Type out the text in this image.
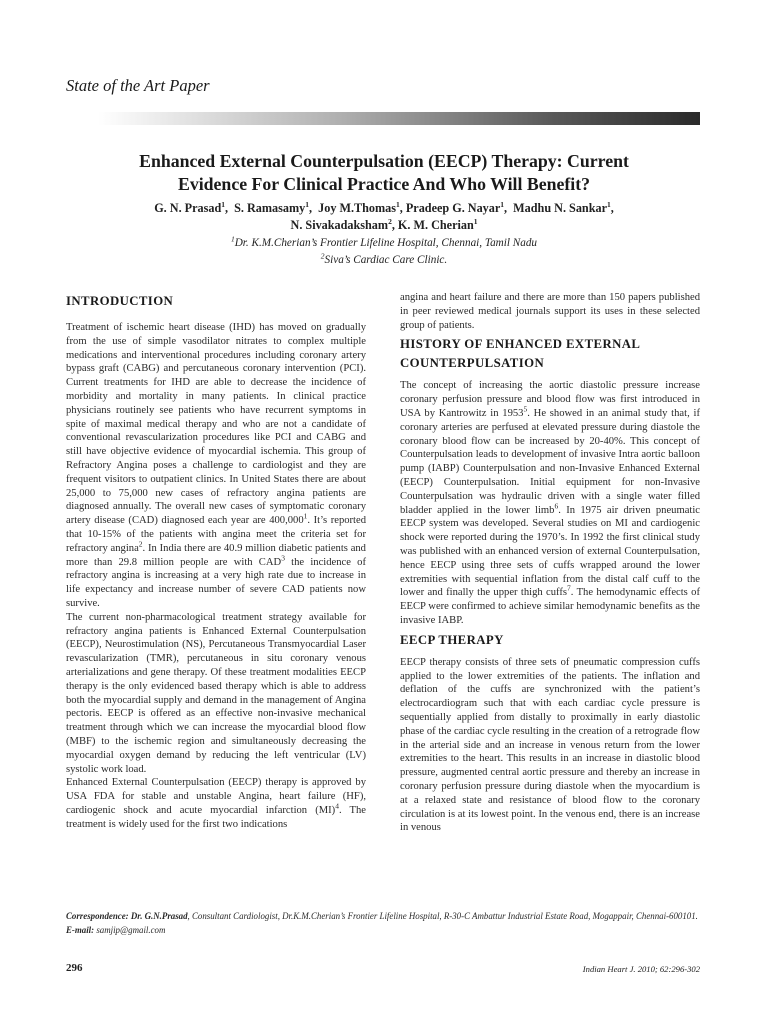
State of the Art Paper
Enhanced External Counterpulsation (EECP) Therapy: Current
Evidence For Clinical Practice And Who Will Benefit?
G. N. Prasad$^1$,  S. Ramasamy$^1$,  Joy M.Thomas$^1$, Pradeep G. Nayar$^1$,  Madhu N. Sankar$^1$,
N. Sivakadaksham$^2$, K. M. Cherian$^1$
$^1$Dr. K.M.Cherian’s Frontier Lifeline Hospital, Chennai, Tamil Nadu
$^2$Siva’s Cardiac Care Clinic.
INTRODUCTION

Treatment of ischemic heart disease (IHD) has moved on gradually from the use of simple vasodilator nitrates to complex multiple medications and interventional procedures including coronary artery bypass graft (CABG) and percutaneous coronary intervention (PCI). Current treatments for IHD are able to decrease the incidence of morbidity and mortality in many patients. In clinical practice physicians routinely see patients who have recurrent symptoms in spite of maximal medical therapy and who are not a candidate of conventional revascularization procedures like PCI and CABG and still have objective evidence of myocardial ischemia. This group of Refractory Angina poses a challenge to cardiologist and they are frequent visitors to outpatient clinics. In United States there are about 25,000 to 75,000 new cases of refractory angina patients are diagnosed annually. The overall new cases of symptomatic coronary artery disease (CAD) diagnosed each year are 400,000$^1$. It’s reported that 10-15% of the patients with angina meet the criteria set for refractory angina$^2$. In India there are 40.9 million diabetic patients and more than 29.8 million people are with CAD$^3$ the incidence of refractory angina is increasing at a very high rate due to increase in life expectancy and increase number of severe CAD patients now survive.

The current non-pharmacological treatment strategy available for refractory angina patients is Enhanced External Counterpulsation (EECP), Neurostimulation (NS), Percutaneous Transmyocardial Laser revascularization (TMR), percutaneous in situ coronary venous arterializations and gene therapy. Of these treatment modalities EECP therapy is the only evidenced based therapy which is able to address both the myocardial supply and demand in the management of Angina pectoris. EECP is offered as an effective non-invasive mechanical treatment through which we can increase the myocardial blood flow (MBF) to the ischemic region and simultaneously decreasing the myocardial oxygen demand by reducing the left ventricular (LV) systolic work load.

Enhanced External Counterpulsation (EECP) therapy is approved by USA FDA for stable and unstable Angina, heart failure (HF), cardiogenic shock and acute myocardial infarction (MI)$^4$. The treatment is widely used for the first two indications

angina and heart failure and there are more than 150 papers published in peer reviewed medical journals support its uses in these selected group of patients.

HISTORY OF ENHANCED EXTERNAL COUNTERPULSATION

The concept of increasing the aortic diastolic pressure increase coronary perfusion pressure and blood flow was first introduced in USA by Kantrowitz in 1953$^5$. He showed in an animal study that, if coronary arteries are perfused at elevated pressure during diastole the coronary blood flow can be increased by 20-40%. This concept of Counterpulsation leads to development of invasive Intra aortic balloon pump (IABP) Counterpulsation and non-Invasive Enhanced External (EECP) Counterpulsation. Initial equipment for non-Invasive Counterpulsation was hydraulic driven with a single water filled bladder applied in the lower limb$^6$. In 1975 air driven pneumatic EECP system was developed. Several studies on MI and cardiogenic shock were reported during the 1970’s. In 1992 the first clinical study was published with an enhanced version of external Counterpulsation, hence EECP using three sets of cuffs wrapped around the lower extremities with sequential inflation from the distal calf cuff to the lower and finally the upper thigh cuffs$^7$. The hemodynamic effects of EECP were confirmed to achieve similar hemodynamic benefits as the invasive IABP.

EECP THERAPY

EECP therapy consists of three sets of pneumatic compression cuffs applied to the lower extremities of the patients. The inflation and deflation of the cuffs are synchronized with the patient’s electrocardiogram such that with each cardiac cycle pressure is sequentially applied from distally to proximally in early diastolic phase of the cardiac cycle resulting in the creation of a retrograde flow in the arterial side and an increase in venous return from the lower extremities to the heart. This results in an increase in diastolic blood pressure, augmented central aortic pressure and thereby an increase in coronary perfusion pressure during diastole when the myocardium is at a relaxed state and resistance of blood flow to the coronary circulation is at its lowest point. In the venous end, there is an increase in venous

Correspondence: Dr. G.N.Prasad, Consultant Cardiologist, Dr.K.M.Cherian’s Frontier Lifeline Hospital, R-30-C Ambattur Industrial Estate Road, Mogappair, Chennai-600101. E-mail: samjip@gmail.com
296	Indian Heart J. 2010; 62:296-302
